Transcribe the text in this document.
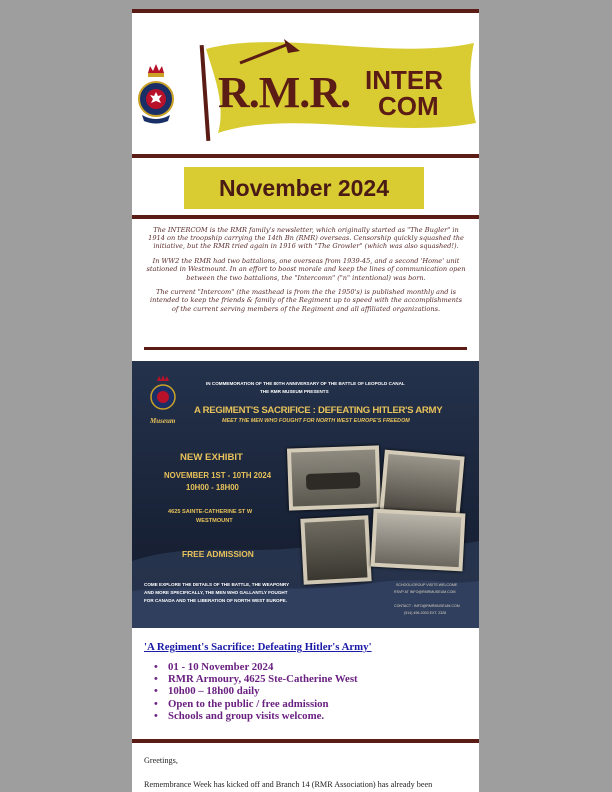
R.M.R. INTER
COM
November 2024

The INTERCOM is the RMR family's newsletter, which originally started as "The Bugler" in 1914 on the troopship carrying the 14th Bn (RMR) overseas. Censorship quickly squashed the initiative, but the RMR tried again in 1916 with "The Growler" (which was also squashed!).

In WW2 the RMR had two battalions, one overseas from 1939-45, and a second 'Home' unit stationed in Westmount. In an effort to boost morale and keep the lines of communication open between the two battalions, the "Intercomn" ("n" intentional) was born.

The current "Intercom" (the masthead is from the the 1950's) is published monthly and is intended to keep the friends & family of the Regiment up to speed with the accomplishments of the current serving members of the Regiment and all affiliated organizations.

Museum
IN COMMEMORATION OF THE 80TH ANNIVERSARY OF THE BATTLE OF LEOPOLD CANAL
THE RMR MUSEUM PRESENTS
A REGIMENT'S SACRIFICE : DEFEATING HITLER'S ARMY
MEET THE MEN WHO FOUGHT FOR NORTH WEST EUROPE'S FREEDOM
NEW EXHIBIT
NOVEMBER 1ST - 10TH 2024
10H00 - 18H00
4625 SAINTE-CATHERINE ST W
WESTMOUNT
FREE ADMISSION
COME EXPLORE THE DETAILS OF THE BATTLE, THE WEAPONRY
AND MORE SPECIFICALLY, THE MEN WHO GALLANTLY FOUGHT
FOR CANADA AND THE LIBERATION OF NORTH WEST EUROPE.
SCHOOL/GROUP VISITS WELCOME
RSVP AT INFO@RMRMUSEUM.COM
CONTACT : INFO@RMRMUSEUM.COM
(514) 496-2003 EXT. 2328
'A Regiment's Sacrifice: Defeating Hitler's Army'
• 01 - 10 November 2024
• RMR Armoury, 4625 Ste-Catherine West
• 10h00 – 18h00 daily
• Open to the public / free admission
• Schools and group visits welcome.
Greetings,
Remembrance Week has kicked off and Branch 14 (RMR Association) has already been
